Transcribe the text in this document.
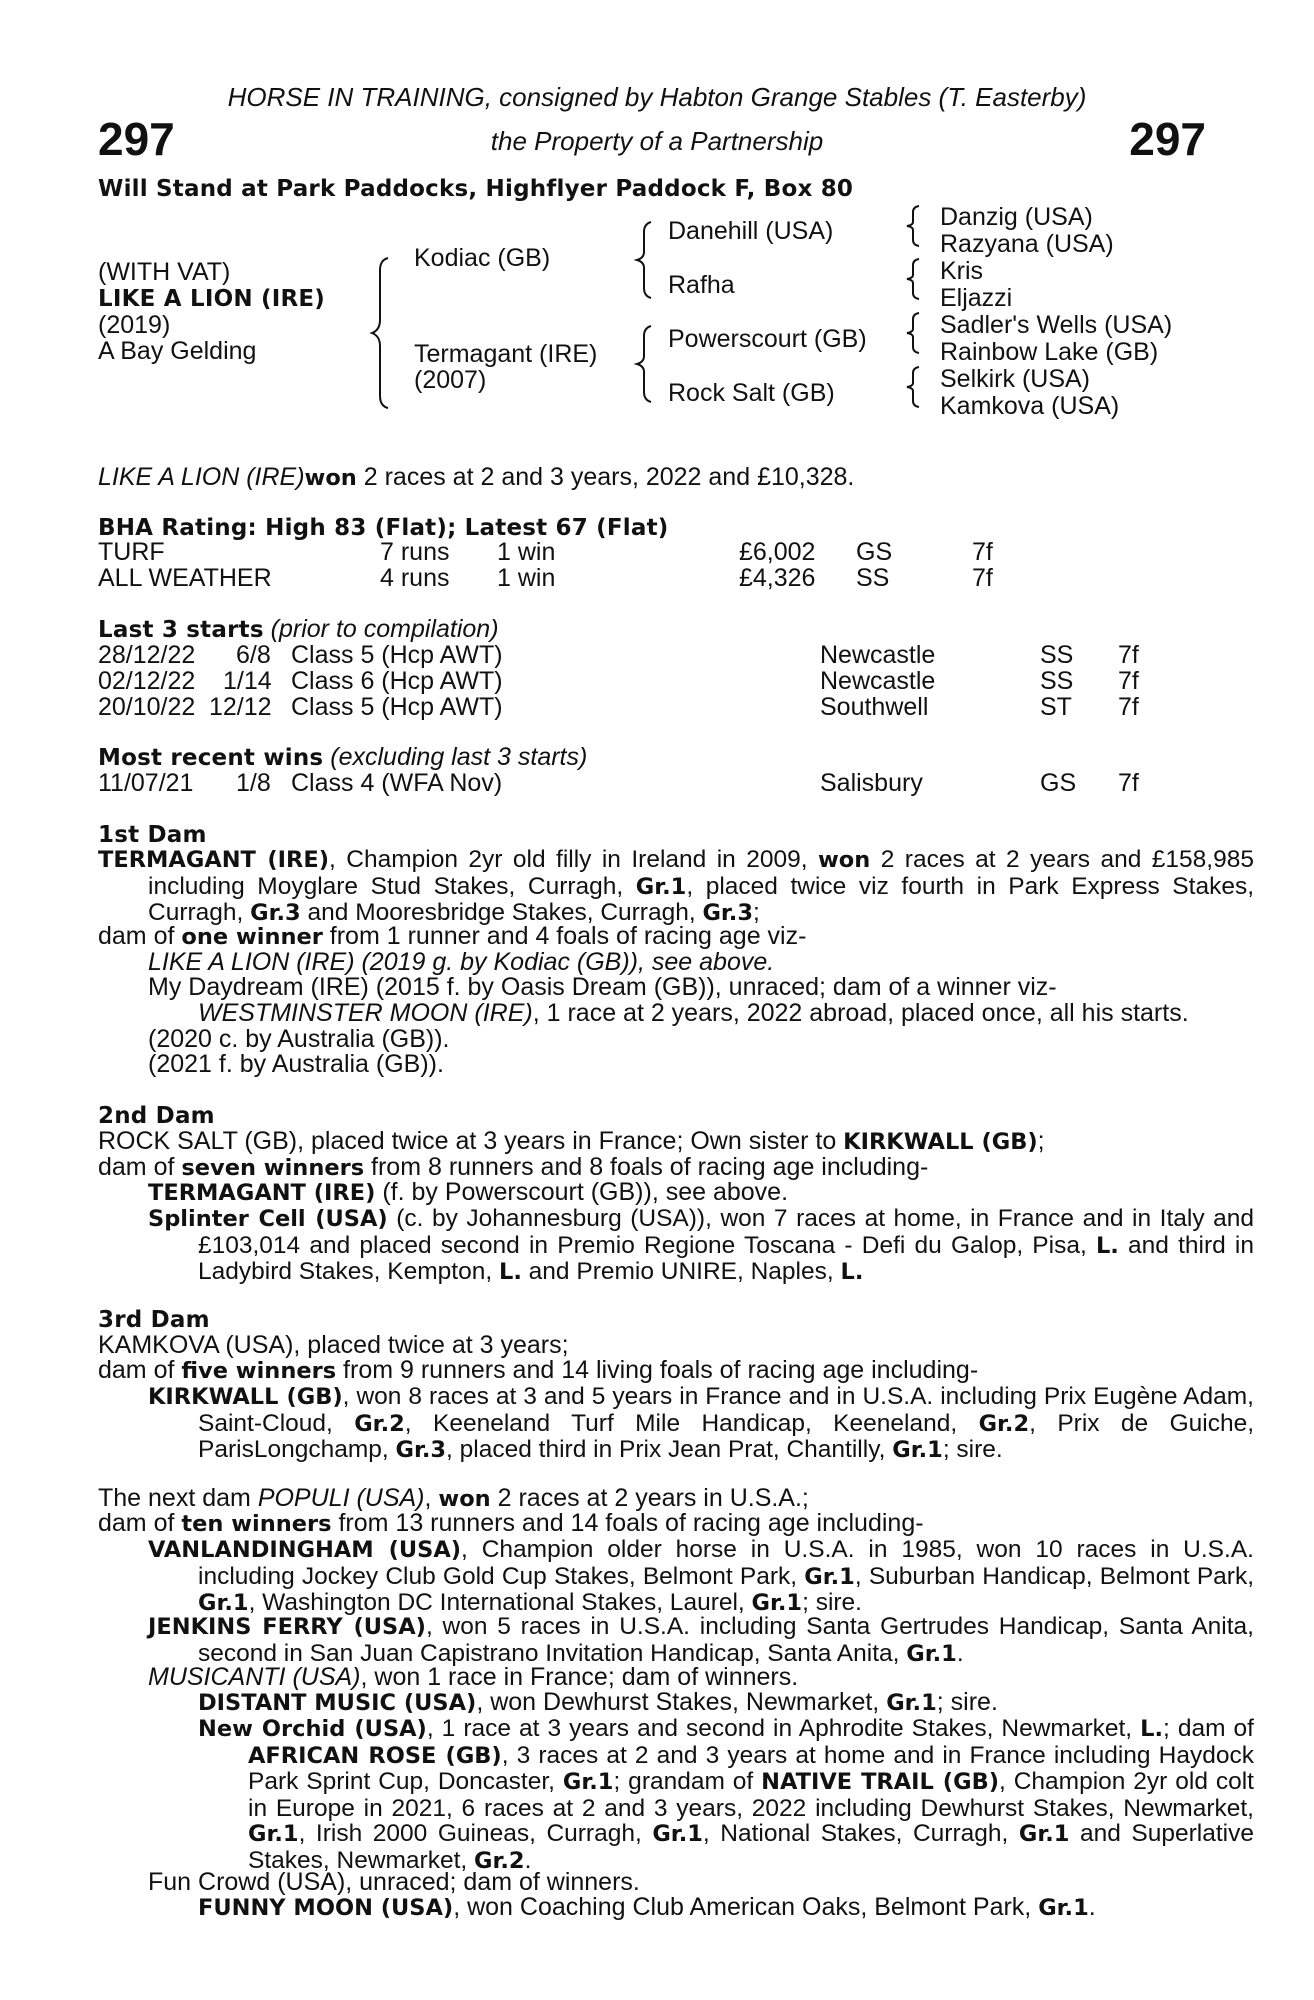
HORSE IN TRAINING, consigned by Habton Grange Stables (T. Easterby)
the Property of a Partnership
297	297
Will Stand at Park Paddocks, Highflyer Paddock F, Box 80
(WITH VAT)
LIKE A LION (IRE)
(2019)
A Bay Gelding
Kodiac (GB)
Termagant (IRE)
(2007)
Danehill (USA)
Rafha
Powerscourt (GB)
Rock Salt (GB)
Danzig (USA)
Razyana (USA)
Kris
Eljazzi
Sadler's Wells (USA)
Rainbow Lake (GB)
Selkirk (USA)
Kamkova (USA)
LIKE A LION (IRE)won 2 races at 2 and 3 years, 2022 and £10,328.
BHA Rating: High 83 (Flat); Latest 67 (Flat)
TURF	7 runs 1 win	£6,002 GS	7f
ALL WEATHER	4 runs 1 win	£4,326 SS	7f
Last 3 starts (prior to compilation)
28/12/22 6/8 Class 5 (Hcp AWT)	Newcastle	SS 7f
02/12/22 1/14 Class 6 (Hcp AWT)	Newcastle	SS 7f
20/10/22 12/12 Class 5 (Hcp AWT)	Southwell	ST 7f
Most recent wins (excluding last 3 starts)
11/07/21 1/8 Class 4 (WFA Nov)	Salisbury	GS 7f
1st Dam
TERMAGANT (IRE), Champion 2yr old filly in Ireland in 2009, won 2 races at 2 years and £158,985 including Moyglare Stud Stakes, Curragh, Gr.1, placed twice viz fourth in Park Express Stakes, Curragh, Gr.3 and Mooresbridge Stakes, Curragh, Gr.3;
dam of one winner from 1 runner and 4 foals of racing age viz-
LIKE A LION (IRE) (2019 g. by Kodiac (GB)), see above.
My Daydream (IRE) (2015 f. by Oasis Dream (GB)), unraced; dam of a winner viz-
WESTMINSTER MOON (IRE), 1 race at 2 years, 2022 abroad, placed once, all his starts.
(2020 c. by Australia (GB)).
(2021 f. by Australia (GB)).
2nd Dam
ROCK SALT (GB), placed twice at 3 years in France; Own sister to KIRKWALL (GB);
dam of seven winners from 8 runners and 8 foals of racing age including-
TERMAGANT (IRE) (f. by Powerscourt (GB)), see above.
Splinter Cell (USA) (c. by Johannesburg (USA)), won 7 races at home, in France and in Italy and £103,014 and placed second in Premio Regione Toscana - Defi du Galop, Pisa, L. and third in Ladybird Stakes, Kempton, L. and Premio UNIRE, Naples, L.
3rd Dam
KAMKOVA (USA), placed twice at 3 years;
dam of five winners from 9 runners and 14 living foals of racing age including-
KIRKWALL (GB), won 8 races at 3 and 5 years in France and in U.S.A. including Prix Eugène Adam, Saint-Cloud, Gr.2, Keeneland Turf Mile Handicap, Keeneland, Gr.2, Prix de Guiche, ParisLongchamp, Gr.3, placed third in Prix Jean Prat, Chantilly, Gr.1; sire.
The next dam POPULI (USA), won 2 races at 2 years in U.S.A.;
dam of ten winners from 13 runners and 14 foals of racing age including-
VANLANDINGHAM (USA), Champion older horse in U.S.A. in 1985, won 10 races in U.S.A. including Jockey Club Gold Cup Stakes, Belmont Park, Gr.1, Suburban Handicap, Belmont Park, Gr.1, Washington DC International Stakes, Laurel, Gr.1; sire.
JENKINS FERRY (USA), won 5 races in U.S.A. including Santa Gertrudes Handicap, Santa Anita, second in San Juan Capistrano Invitation Handicap, Santa Anita, Gr.1.
MUSICANTI (USA), won 1 race in France; dam of winners.
DISTANT MUSIC (USA), won Dewhurst Stakes, Newmarket, Gr.1; sire.
New Orchid (USA), 1 race at 3 years and second in Aphrodite Stakes, Newmarket, L.; dam of AFRICAN ROSE (GB), 3 races at 2 and 3 years at home and in France including Haydock Park Sprint Cup, Doncaster, Gr.1; grandam of NATIVE TRAIL (GB), Champion 2yr old colt in Europe in 2021, 6 races at 2 and 3 years, 2022 including Dewhurst Stakes, Newmarket, Gr.1, Irish 2000 Guineas, Curragh, Gr.1, National Stakes, Curragh, Gr.1 and Superlative Stakes, Newmarket, Gr.2.
Fun Crowd (USA), unraced; dam of winners.
FUNNY MOON (USA), won Coaching Club American Oaks, Belmont Park, Gr.1.
